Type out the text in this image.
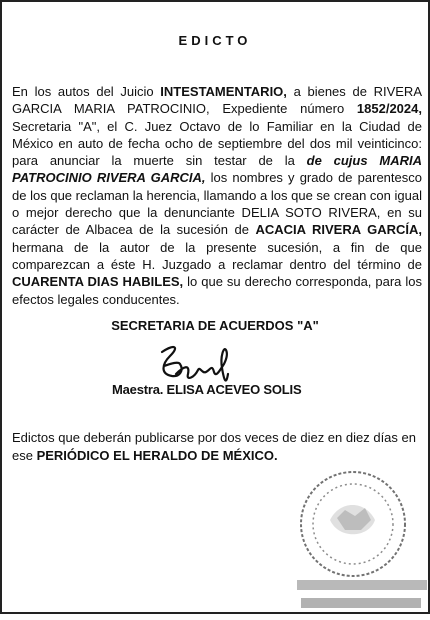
EDICTO
En los autos del Juicio INTESTAMENTARIO, a bienes de RIVERA GARCIA MARIA PATROCINIO, Expediente número 1852/2024, Secretaria "A", el C. Juez Octavo de lo Familiar en la Ciudad de México en auto de fecha ocho de septiembre del dos mil veinticinco: para anunciar la muerte sin testar de la de cujus MARIA PATROCINIO RIVERA GARCIA, los nombres y grado de parentesco de los que reclaman la herencia, llamando a los que se crean con igual o mejor derecho que la denunciante DELIA SOTO RIVERA, en su carácter de Albacea de la sucesión de ACACIA RIVERA GARCÍA, hermana de la autor de la presente sucesión, a fin de que comparezcan a éste H. Juzgado a reclamar dentro del término de CUARENTA DIAS HABILES, lo que su derecho corresponda, para los efectos legales conducentes.
SECRETARIA DE ACUERDOS "A"
Maestra. ELISA ACEVEO SOLIS
Edictos que deberán publicarse por dos veces de diez en diez días en ese PERIÓDICO EL HERALDO DE MÉXICO.
